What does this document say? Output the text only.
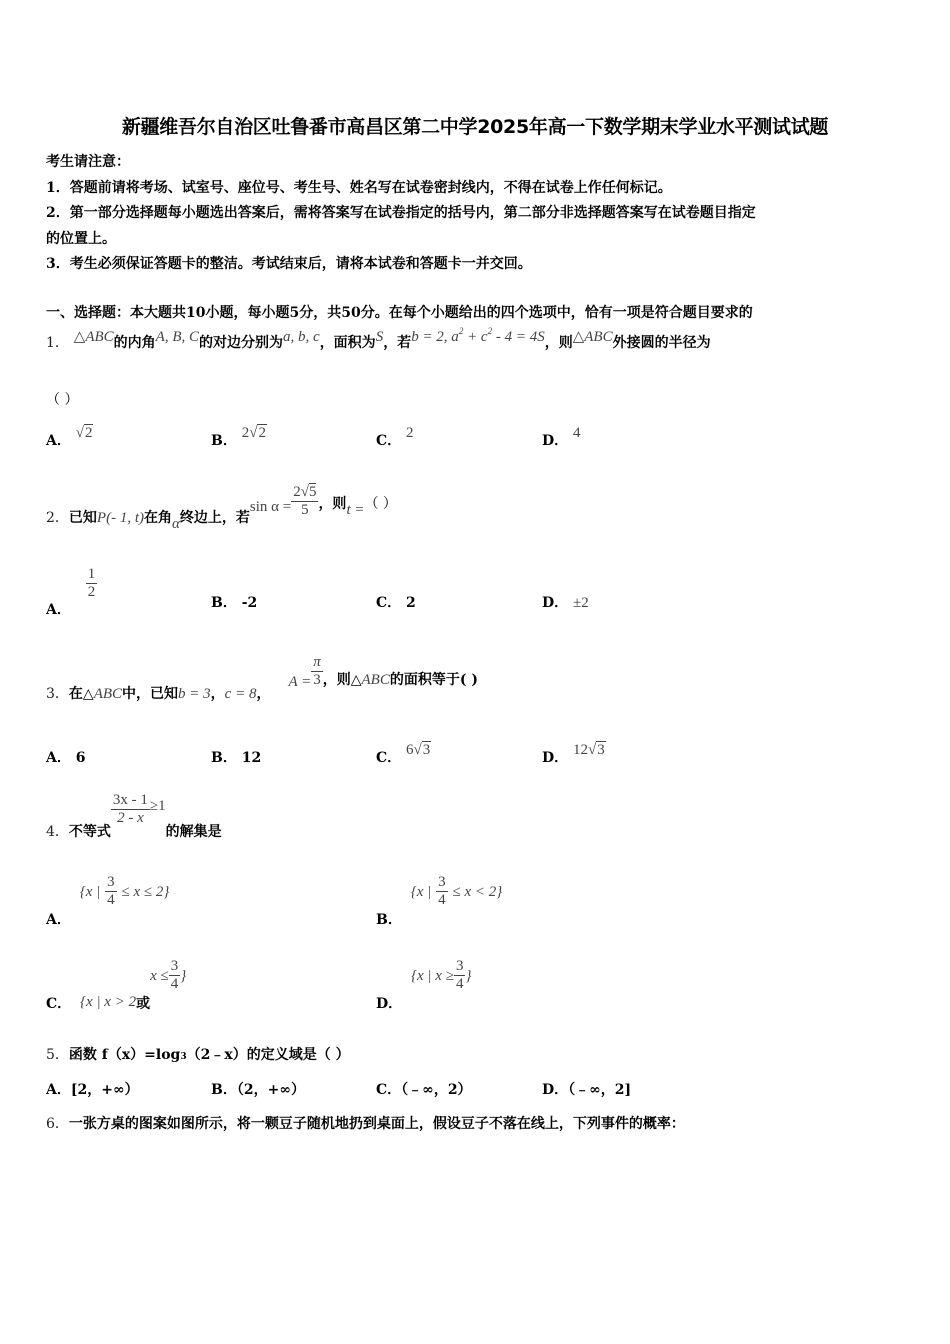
新疆维吾尔自治区吐鲁番市高昌区第二中学2025年高一下数学期末学业水平测试试题
考生请注意：
1．答题前请将考场、试室号、座位号、考生号、姓名写在试卷密封线内，不得在试卷上作任何标记。
2．第一部分选择题每小题选出答案后，需将答案写在试卷指定的括号内，第二部分非选择题答案写在试卷题目指定
的位置上。
3．考生必须保证答题卡的整洁。考试结束后，请将本试卷和答题卡一并交回。
一、选择题：本大题共10小题，每小题5分，共50分。在每个小题给出的四个选项中，恰有一项是符合题目要求的
1． △ABC的内角A, B, C的对边分别为a, b, c，面积为S，若b = 2, $a^2 + c^2 - 4 = 4S$，则△ABC外接圆的半径为
（ ）
A． √2	B． 2√2	C． 2	D． 4
2．已知P(- 1, t)在角α终边上，若$\sin \alpha = \frac{2√5}{5}$ ，则t =（ ）
A．
$\frac{1}{2}$
B． -2	C． 2	D． ±2
3．在△ABC中，已知b = 3，c = 8，$A = \frac{\pi}{3}$ ，则△ABC的面积等于( )
A． 6	B． 12	C． 6√3	D． 12√3
4．不等式
$\frac{3x - 1}{2 - x} \ge 1$的解集是
A． {x | $\frac{3}{4} \le x \le 2$}
B． {x | $\frac{3}{4} \le x < 2$}
C． {x | x > 2或$x \le \frac{3}{4}$ }
D． {x | $x \ge \frac{3}{4}$ }
5．函数 f（x）=log3（2﹣x）的定义域是（ ）
A．[2，+∞）	B．（2，+∞）	C．（﹣∞，2）	D．（﹣∞，2]
6．一张方桌的图案如图所示，将一颗豆子随机地扔到桌面上，假设豆子不落在线上，下列事件的概率：
